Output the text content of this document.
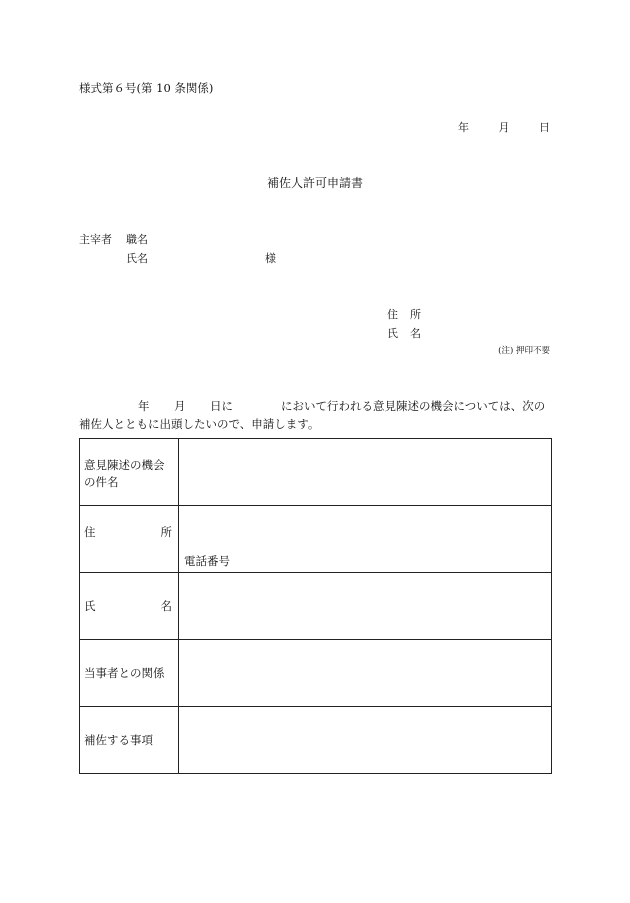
様式第６号(第 10 条関係)
年	月	日
補佐人許可申請書
主宰者 職名
氏名	様
住 所
氏 名
(注) 押印不要
年 月 日に	において行われる意見陳述の機会については、次の
補佐人とともに出頭したいので、申請します。
意見陳述の機会
の件名	

住 所	電話番号

氏 名	

当事者との関係	

補佐する事項	
